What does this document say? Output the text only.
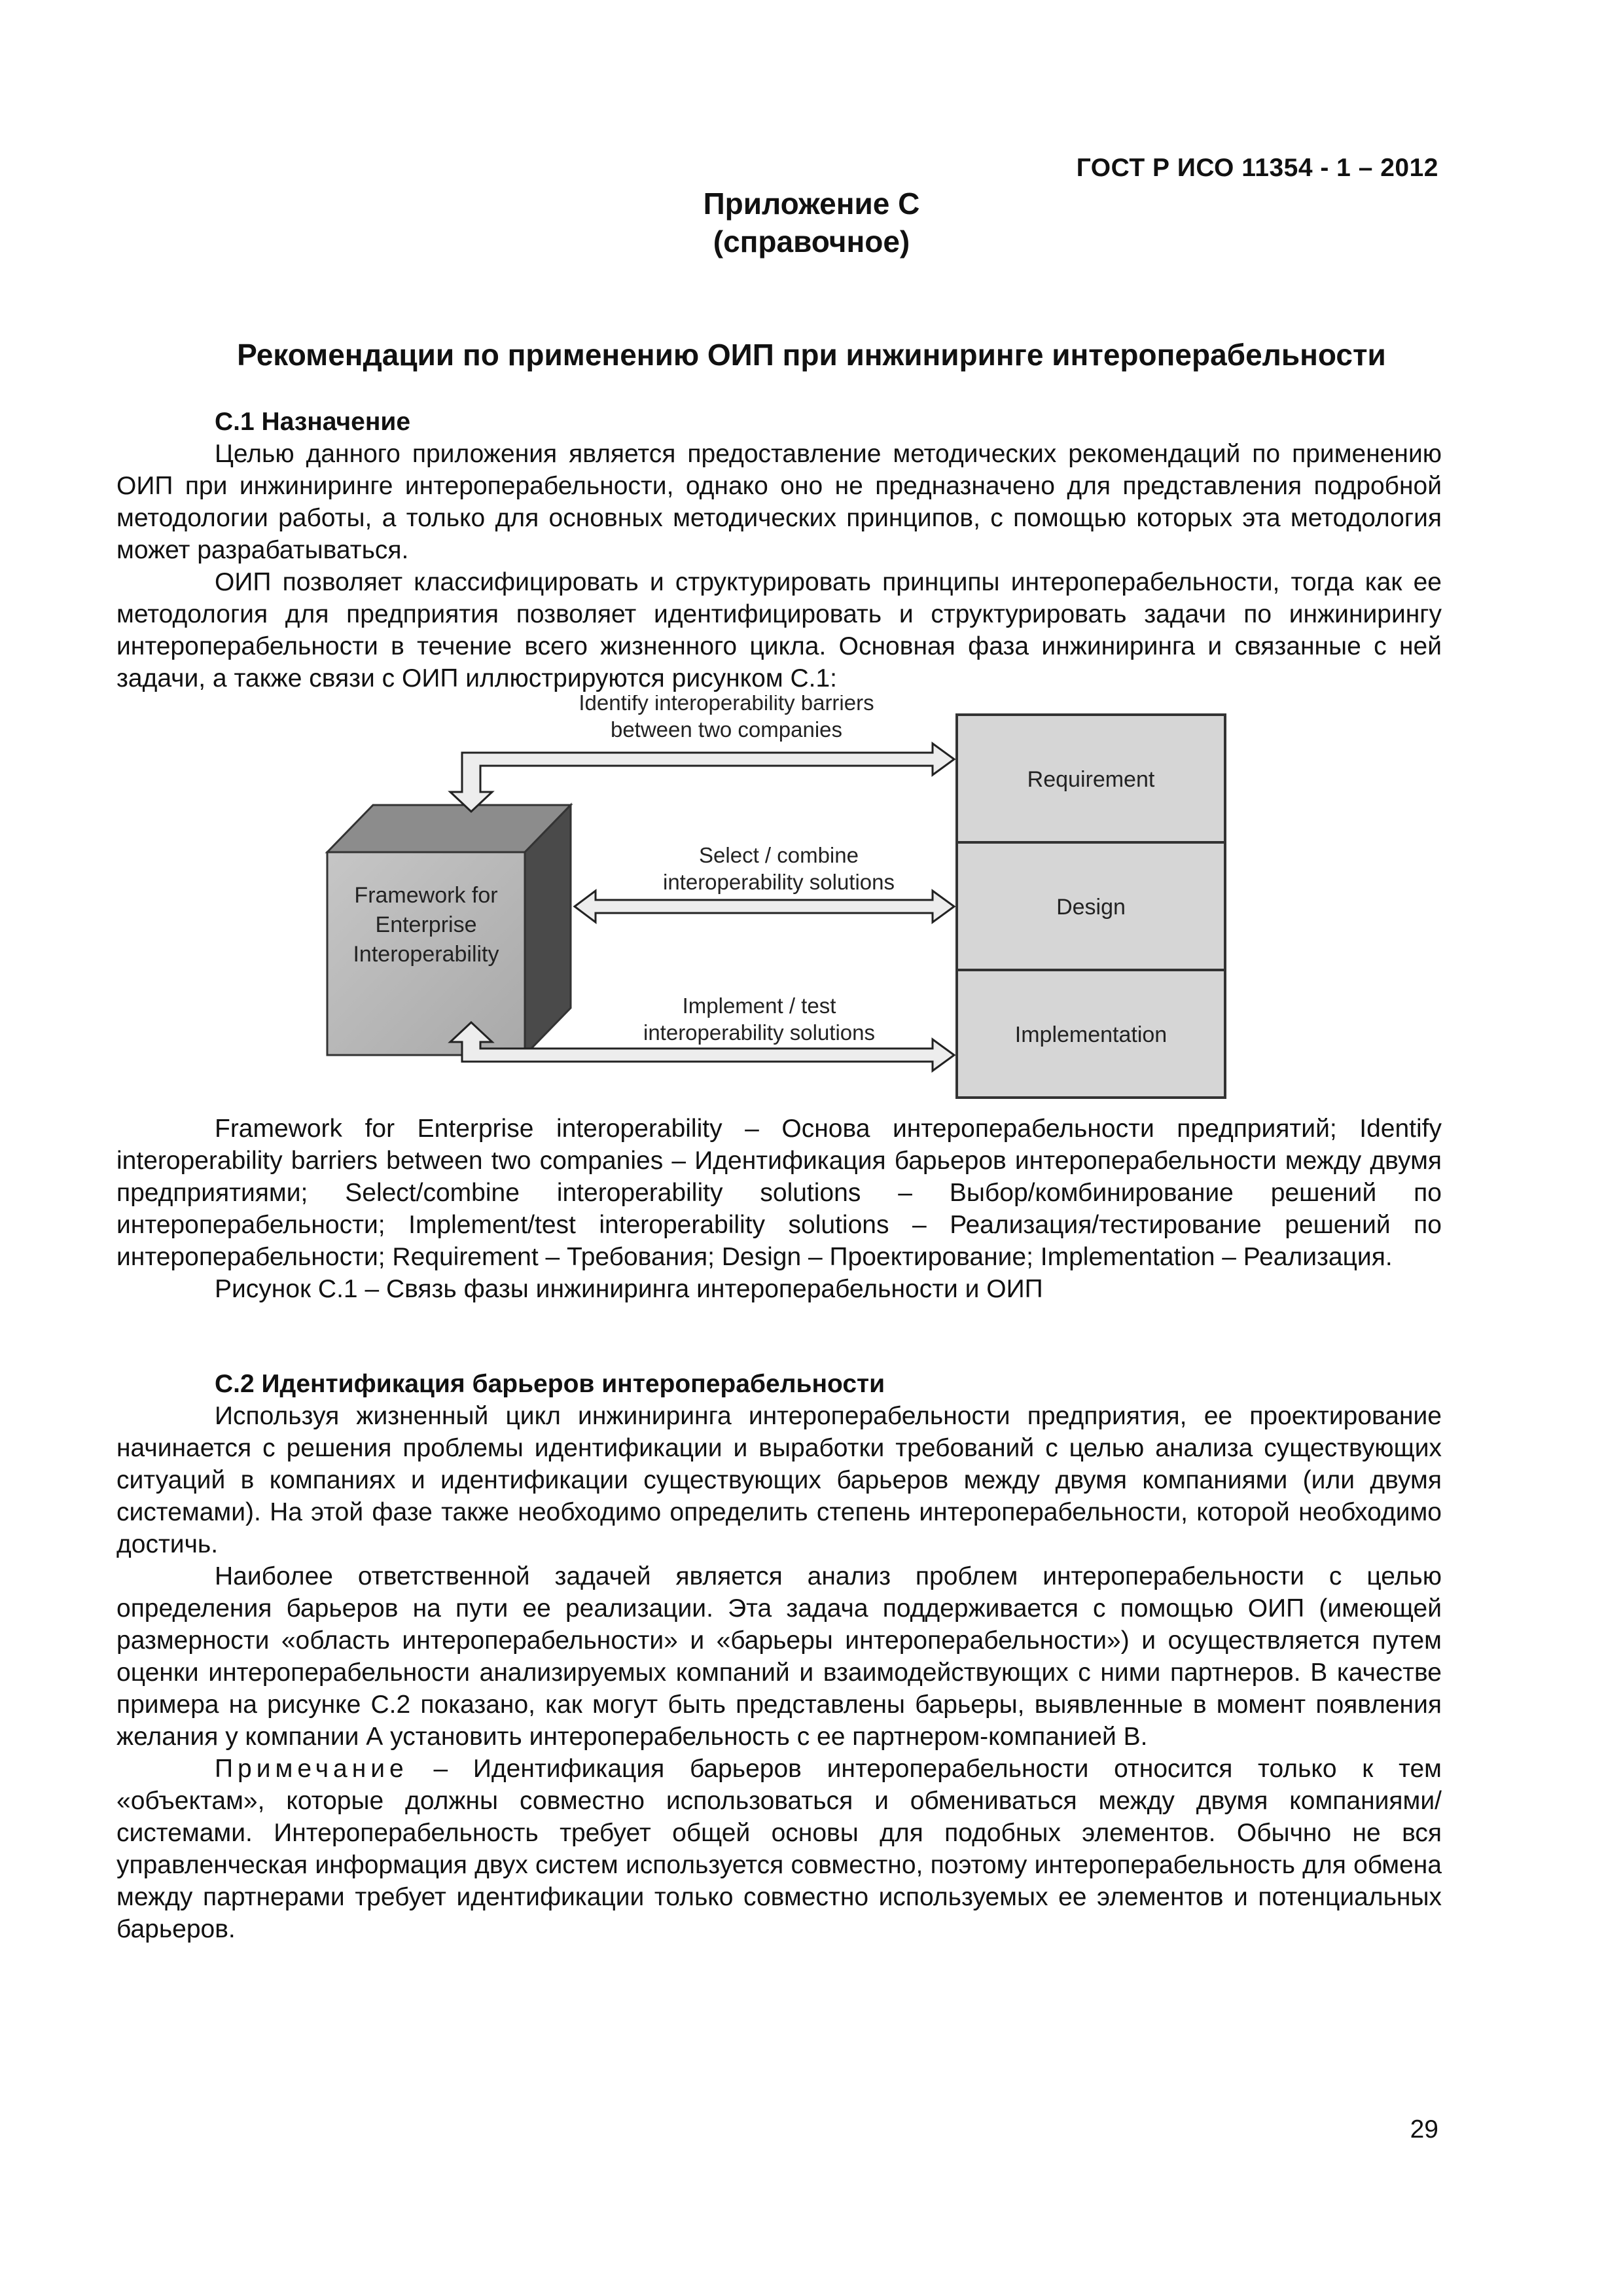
ГОСТ Р ИСО 11354 - 1 – 2012
Приложение С
(справочное)
Рекомендации по применению ОИП при инжиниринге интероперабельности

С.1 Назначение

Целью данного приложения является предоставление методических рекомендаций по применению ОИП при инжиниринге интероперабельности, однако оно не предназначено для представления подробной методологии работы, а только для основных методических принципов, с помощью которых эта методология может разрабатываться.

ОИП позволяет классифицировать и структурировать принципы интероперабельности, тогда как ее методология для предприятия позволяет идентифицировать и структурировать задачи по инжинирингу интероперабельности в течение всего жизненного цикла. Основная фаза инжиниринга и связанные с ней задачи, а также связи с ОИП иллюстрируются рисунком С.1:

Framework for
Enterprise
Interoperability
Requirement
Design
Implementation
Identify interoperability barriers
between two companies
Select / combine
interoperability solutions
Implement / test
interoperability solutions

Framework for Enterprise interoperability – Основа интероперабельности предприятий; Identify interoperability barriers between two companies – Идентификация барьеров интероперабельности между двумя предприятиями; Select/combine interoperability solutions – Выбор/комбинирование решений по интероперабельности; Implement/test interoperability solutions – Реализация/тестирование решений по интероперабельности; Requirement – Требования; Design – Проектирование; Implementation – Реализация.

Рисунок С.1 – Связь фазы инжиниринга интероперабельности и ОИП

С.2 Идентификация барьеров интероперабельности

Используя жизненный цикл инжиниринга интероперабельности предприятия, ее проектирование начинается с решения проблемы идентификации и выработки требований с целью анализа существующих ситуаций в компаниях и идентификации существующих барьеров между двумя компаниями (или двумя системами). На этой фазе также необходимо определить степень интероперабельности, которой необходимо достичь.

Наиболее ответственной задачей является анализ проблем интероперабельности с целью определения барьеров на пути ее реализации. Эта задача поддерживается с помощью ОИП (имеющей размерности «область интероперабельности» и «барьеры интероперабельности») и осуществляется путем оценки интероперабельности анализируемых компаний и взаимодействующих с ними партнеров. В качестве примера на рисунке С.2 показано, как могут быть представлены барьеры, выявленные в момент появления желания у компании А установить интероперабельность с ее партнером-компанией В.

Примечание – Идентификация барьеров интероперабельности относится только к тем «объектам», которые должны совместно использоваться и обмениваться между двумя компаниями/системами. Интероперабельность требует общей основы для подобных элементов. Обычно не вся управленческая информация двух систем используется совместно, поэтому интероперабельность для обмена между партнерами требует идентификации только совместно используемых ее элементов и потенциальных барьеров.

29
